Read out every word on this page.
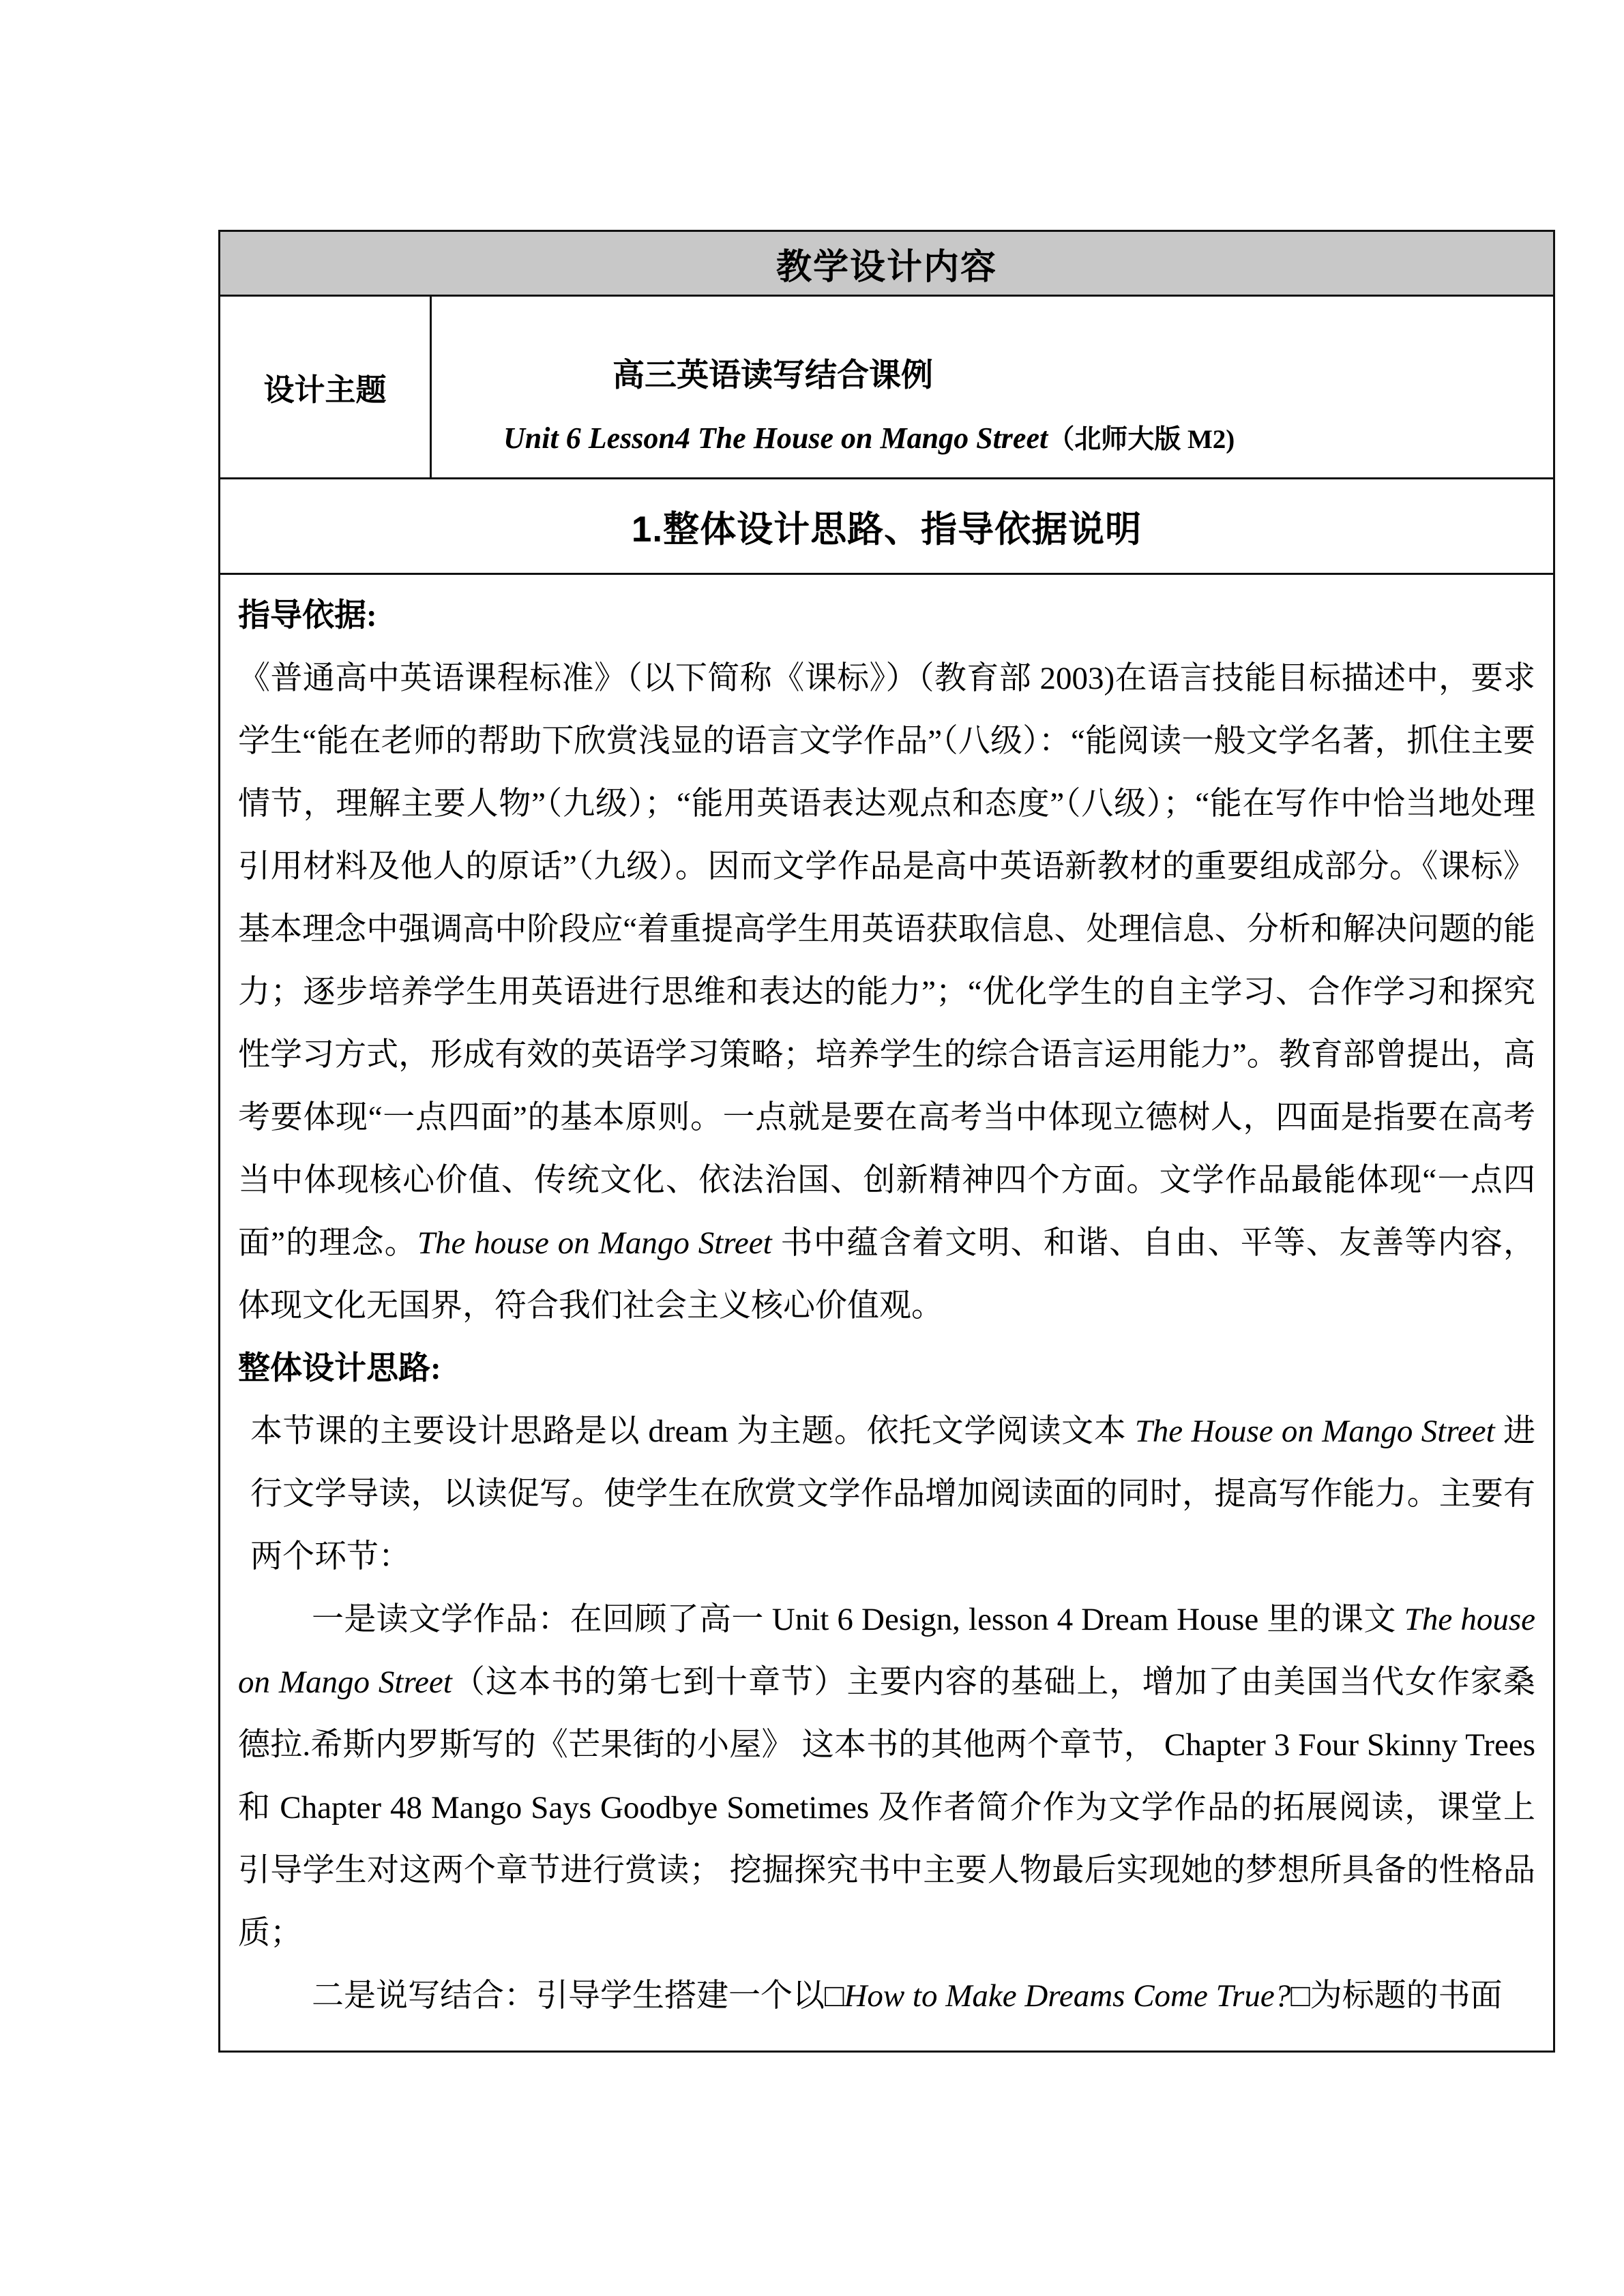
教学设计内容
设计主题	高三英语读写结合课例
Unit 6 Lesson4 The House on Mango Street（北师大版 M2)
1.整体设计思路、指导依据说明
指导依据:

《普通高中英语课程标准》（以下简称《课标》）（教育部 2003)在语言技能目标描述中，要求学生“能在老师的帮助下欣赏浅显的语言文学作品”（八级）：“能阅读一般文学名著，抓住主要情节，理解主要人物”（九级）；“能用英语表达观点和态度”（八级）；“能在写作中恰当地处理引用材料及他人的原话”（九级）。因而文学作品是高中英语新教材的重要组成部分。《课标》基本理念中强调高中阶段应“着重提高学生用英语获取信息、处理信息、分析和解决问题的能力；逐步培养学生用英语进行思维和表达的能力”；“优化学生的自主学习、合作学习和探究性学习方式，形成有效的英语学习策略；培养学生的综合语言运用能力”。教育部曾提出，高考要体现“一点四面”的基本原则。一点就是要在高考当中体现立德树人，四面是指要在高考当中体现核心价值、传统文化、依法治国、创新精神四个方面。文学作品最能体现“一点四面”的理念。The house on Mango Street 书中蕴含着文明、和谐、自由、平等、友善等内容，体现文化无国界，符合我们社会主义核心价值观。

整体设计思路:

本节课的主要设计思路是以 dream 为主题。依托文学阅读文本 The House on Mango Street 进行文学导读，以读促写。使学生在欣赏文学作品增加阅读面的同时，提高写作能力。主要有两个环节：

一是读文学作品：在回顾了高一 Unit 6 Design, lesson 4 Dream House 里的课文 The house on Mango Street（这本书的第七到十章节）主要内容的基础上，增加了由美国当代女作家桑德拉.希斯内罗斯写的《芒果街的小屋》 这本书的其他两个章节， Chapter 3 Four Skinny Trees 和 Chapter 48 Mango Says Goodbye Sometimes 及作者简介作为文学作品的拓展阅读，课堂上引导学生对这两个章节进行赏读； 挖掘探究书中主要人物最后实现她的梦想所具备的性格品质；

二是说写结合：引导学生搭建一个以□How to Make Dreams Come True?□为标题的书面
